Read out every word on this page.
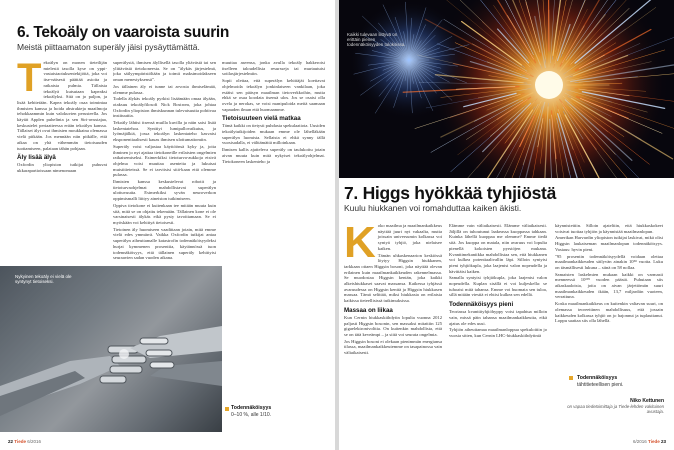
6. Tekoäly on vaaroista suurin
Meistä piittaamaton superäly jäisi pysäyttämättä.

Tekoälyn on monen tieteilijän mielestä tasolla kyse on yppi-vastaistaotuksentekijöitä, joka voi itse-näisesti päättää asioita ja ratkaista pulmia. Tällaista tekoälyä kutsutaan kapeaksi tekoälyksi. Sitä on jo paljon, ja lisää kehitetään. Kapea tekoäly osaa toimintaa ihmisten kanssa ja hoida abstrakteja maailmoja tehokkaammin kuin valokuvien perusteella. Jos käytät Applen puhelinta ja sen Siri-avustajaa, keskustelet periaatteessa erään tekoälyn kanssa. Tällaiset älyt ovat ihmisten moukkaina olemassa vielä pitkään. Jos mennään niin pitkälle, että aikaa on yhä vähemmän tietoisuuden tuottamiseen, palataan tähän pohjaan.

Äly lisää älyä

Oxfordin yliopiston tutkijat puhuvat ukkarapartioissaan nimenomaan

superälystä, ihmisen älyllisellä tasolla yltävästä tai sen ylittävästä tietokoneesta. Se on "älykäs järjestelmä, joka säilyympäristöltään ja toimii maksimoidakseen oman menestyksensä".

Jos tällainen äly ei tunne tai arvosta ihmiselämää, olemme pulassa.

Todella älykäs tekoäly pyrkisi lisäämään omaa älyään, otaksuu tekoälyfilosofi Nick Bostrom, joka johtaa Oxfordin yliopiston ihmiskunnan tulevaisuutta pohtivaa instituuttia.

Tekoäly lähtisi itsensä muilla kuvilla ja näin saisi lisää laskentatehoa. Synttiyi lumipallovaikutus, ja lyömäjälkiä, jossa tekoälyn laskentateho kasvaisi eksponentiaalisesti kauas ihmisen ulottumattomiin.

Superäly voisi valjastaa käyttöönsä kyky ja, joita ihminen jo nyt ajattaa tietokoneille erilaisten ongelmien ratkaisemiseksi. Esimerkiksi tietoturva-aukkoja etsivä ohjelma voisi muuttaa asenteita ja lukuisat muistitieteissä. Se ei tarvitsisi sitä-kaan että olemme pulassa.

Ihmisten kanssa keskustelevat robotit ja tietoturvaohjelmat mahdollistavat superälyn ulottuvuutta. Esimerkiksi syvän neuroverkon oppimismalli liittyy aineiston tutkimiseen.

Oppiva tietokone ei kuitenkaan tee mitään muuta kuin sitä, mitä se on ohjattu tekemään. Tällainen kone ei ole varsinaisesti älykäs eikä pysty tavoittamaan. Se ei myöskään voi kehittyä tietoisesti.

Tietoinen äly huomiseen vaadittaan jotain, mitä emme vielä edes ymmärrä. Vaikka Oxfordin tutkijat antaa superälyn aiheuttamalle katastrofin todennäköisyydeksi hurjat kymmenen prosenttia, käytännössä tuon todennäköisyys, että tällainen superäly kehittyisi seuraavien sadan vuoden aikana.

muuttaa aseensa, jonka avulla tekoäly hakkeroisi itselleen taloudellisia resursseja tai murtautuisi sotilasjärjestelmiin.

Sopii olettaa, että superälyn kehittäjät koettavat ohjelmoida tekoälyn jonkinlaiseen vankilaan, joka estäisi sen pääsyn maailman tietoverkkoihin, mutta ehkä se osaa koodata itsensä ulos. Jos se osaisi olla ovela ja nerokas, se voisi manipuloida meitä saamaan vapauden ilman että huomaamme.

Tietoisuuteen vielä matkaa

Tämä kaikki on tietysti puhdasta spekulaatiota. Uusiden tekoälytutkijoiden mukaan emme ole lähelläkään superälyn luomista. Sellaista ei ehkä synny tällä vuosisadalla, ei välttämättä milloinkaan.

Ihmisen kallis ajatteleva superäly on taulukoitu jotain aivan muuta kuin mitä nykyiset tekoälyohjelmat. Tietokoneen laskenteho ja

Nykyinen tekoäly ei vielä ole syntynyt tietoiseksi.
Todennäköisyys
0–10 %, alle 1/10.
22 Tiede 6/2016
Kaikki tulevaan liittyvä on erittäin pienen todennäköisyyden tuloksissa.
7. Higgs hyökkää tyhjiöstä
Kuulu hiukkanen voi romahduttaa kaiken äkisti.

Koko maailma ja maailmankaikkeus näyttää juuri nyt vakaalta, mutta joissain universumin kolkassa voi syntyä tyhjiö, joka nielaisee kaiken.

Tämän uhkaskenaarion keskiössä löytyy Higgsin hiukkanen, tarkkaan ottaen Higgsin bosoni, joka näyttää olevan erilainen kuin maailmankaikkeuden rakennelmassa. Se muodostaa Higgsin kentän, joka kaikki alkeishiukkaset saavat massansa. Kaikessa tyhjässä avaruudessa on Higgsin kenttä ja Higgsin hiukkasen massaa. Tämä selittää, miksi hiukkasia on erilaisia kaikissa tieteellisissä tutkimuksissa.

Massaa on liikaa

Kun Cernin hiukkaskiihdytin lopulta vuonna 2012 paljasti Higgsin bosonin, sen massaksi mitattiin 125 gigaelektronivolttia. On kuitenkin mahdollista, että se on tätä keveämpi – ja siitä voi seurata ongelmia.

Jos Higgsin bosoni ei olekaan pienimmän energiansa tilassa, maailmankaikkeutemme on tasapainossa vain väliaikaisesti.

Elämme vain väliaikaisesti. Elämme väliaikaisesti. Jäljillä on tuhoutunut laakeassa kuoppassa tahkaan. Kuinka lähellä kuoppaa me olemme? Emme tiedä sitä. Jos kuoppa on matala, niin avaruus voi lopulta pienellä kokoisten pyrstöjen mukana. Kvanttimekaniikka mahdollistaa sen, että hiukkanen voi kulkea potentiaalivallin läpi. Silloin syntyisi pieni tyhjiökupla, joka laajenisi valon nopeudella ja hävittäisi kaiken.

Samalla syntyisi tyhjiökupla, joka laajenisi valon nopeudella. Kuplan sisällä ei voi kuljeskella: se tuhoaisi mitä tahansa. Emme voi huomata sen tuloa, sillä mitään viestiä ei ehtisi kulkea sen edellä.

Todennäköisyys pieni

Teoriassa kvanttityhjiöhyppy voisi tapahtua milloin vain, missä päin tahansa maailmankaikkeutta, eikä ajatus ole edes uusi.

Tyhjiön aiheuttamaa maailmanloppua spekuloitiin jo vuosia sitten, kun Cernin LHC-hiukkaskiihdytintä

käynnistettiin. Silloin ajateltiin, että hiukkaskokeet voisivat tuottaa tyhjiön ja käynnistää maailmanlopun.

Amerikan Harvardin yliopiston tutkijat laskivat, mikä olisi Higgsin laukaiseman maailmanlopun todennäköisyys. Vastaus: hyvin pieni.

"95 prosentin todennäköisyydellä voidaan olettaa maailmankaikkeuden säilyvän ainakin 10⁵⁸ vuotta. Luku on täsmällisesti lukuna – siinä on 58 nollaa.

Samaisten laskelmien mukaan kaikki on varmasti menneessä 10¹⁹⁹ vuoden päästä. Puhutaan siis aikaskaaloista, joita on aivan järjettömän suuri maailmankaikkeuden ikään, 13,7 miljardiin vuoteen, verrattuna.

Koska maailmankaikkeus on kuitenkin valtavan suuri, on olemassa teoreettinen mahdollisuus, että jossain kaikkeuden kolkassa tyhjiö on jo hajonnut ja tuplauttanut. Loppu saattaa siis olla lähellä.

Todennäköisyys
tähtitieteellisen pieni.
Niko Kettunen
on vapaa tiedetoimittaja ja Tiede-lehden vakituinen avustaja.
6/2016 Tiede 23
